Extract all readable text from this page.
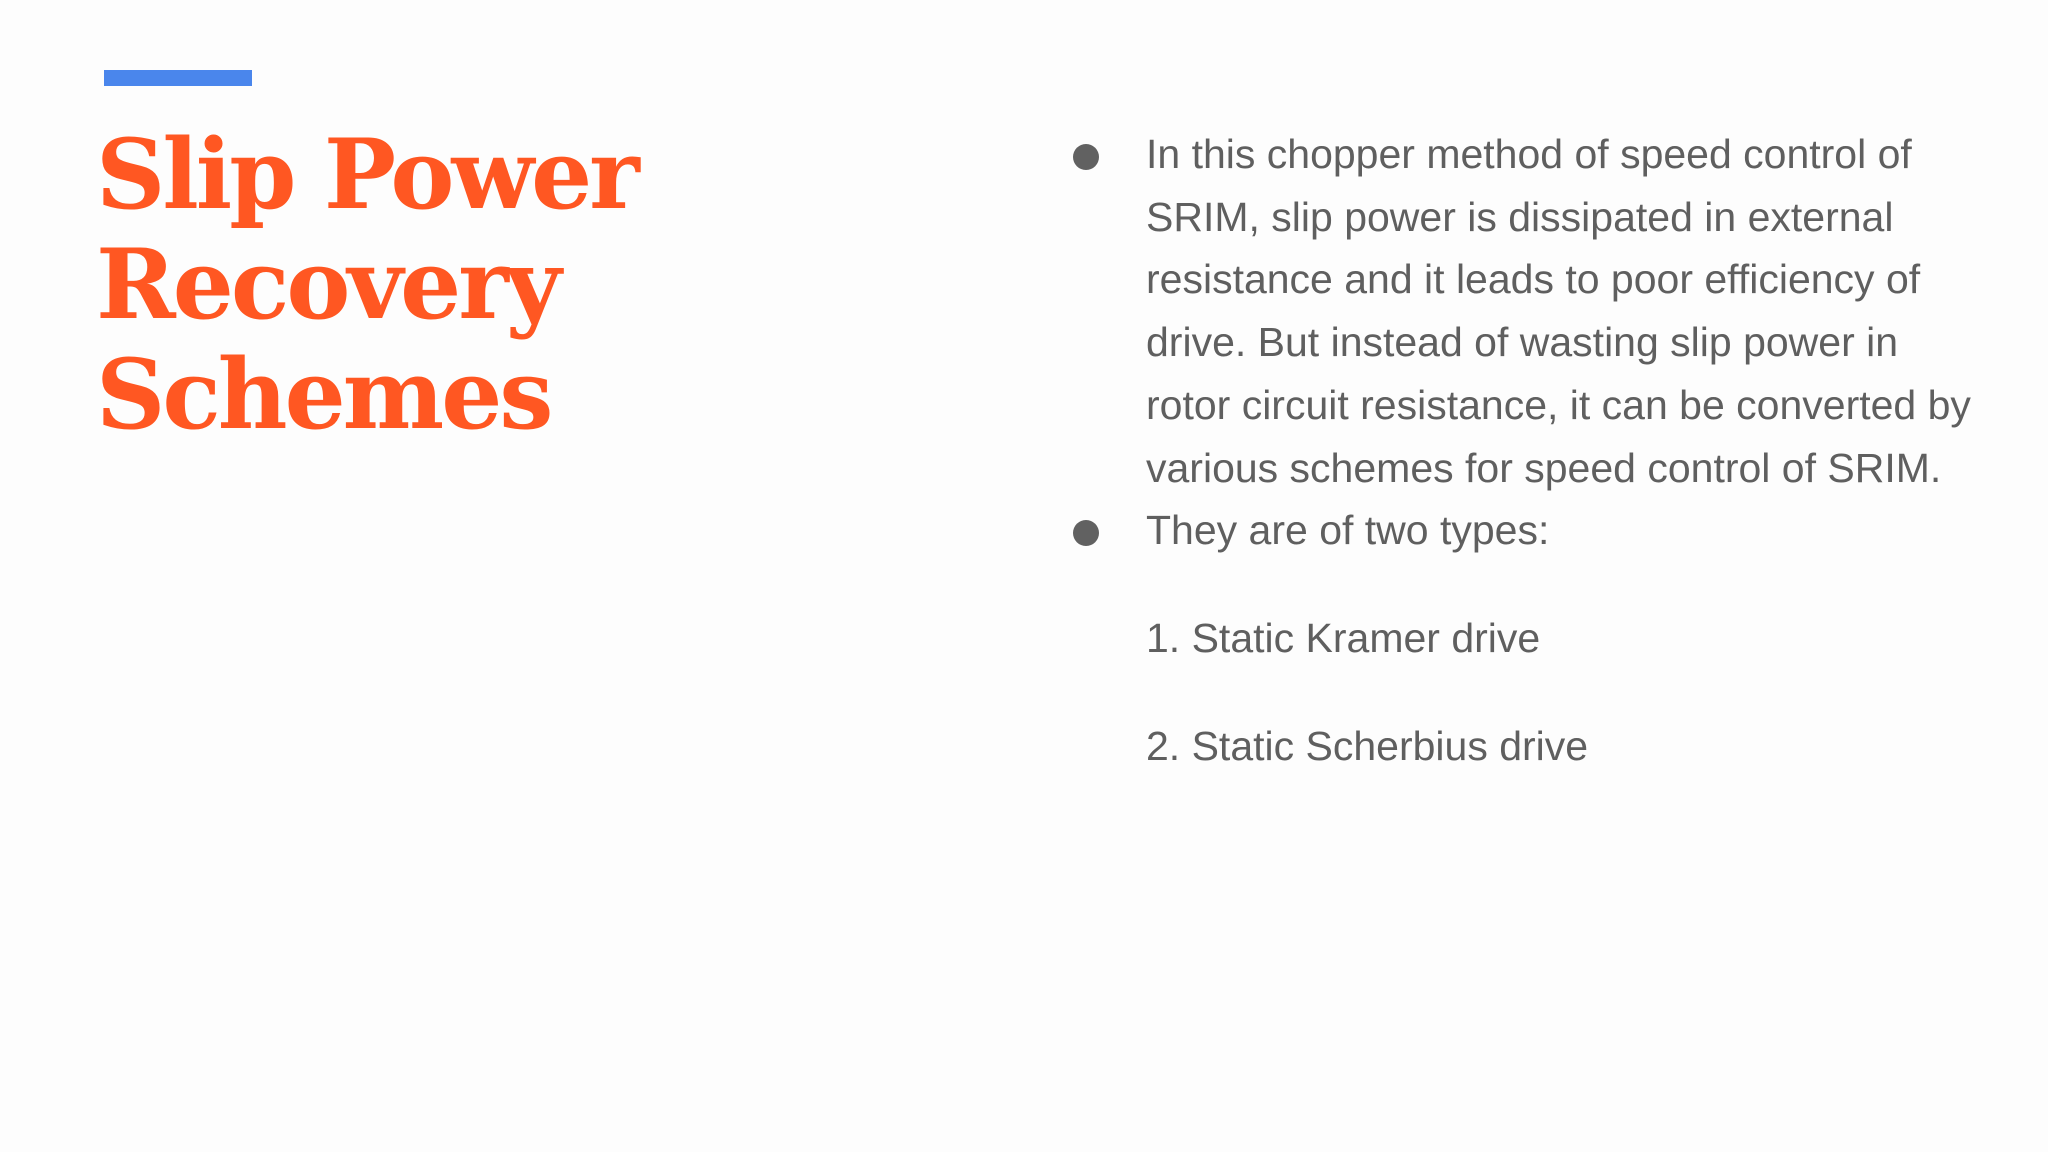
Slip Power
Recovery
Schemes
In this chopper method of speed control of SRIM, slip power is dissipated in external resistance and it leads to poor efficiency of drive. But instead of wasting slip power in rotor circuit resistance, it can be converted by various schemes for speed control of SRIM.
They are of two types:
1. Static Kramer drive
2. Static Scherbius drive
